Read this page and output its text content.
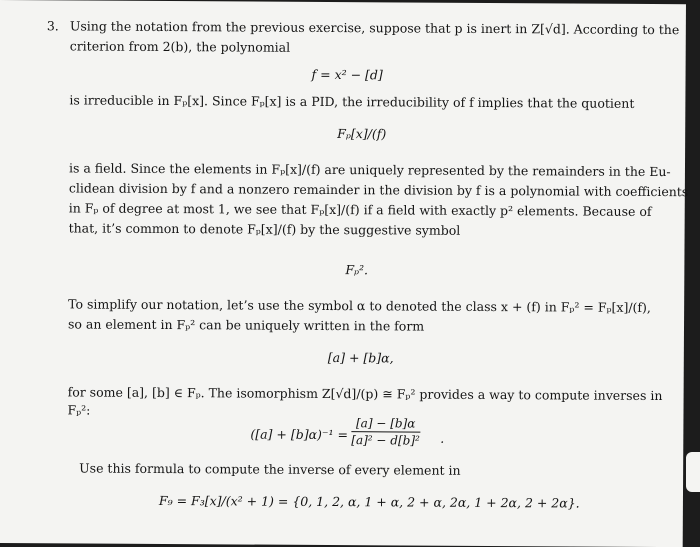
3. Using the notation from the previous exercise, suppose that p is inert in Z[√d]. According to the
criterion from 2(b), the polynomial
f = x² − [d]
is irreducible in Fₚ[x]. Since Fₚ[x] is a PID, the irreducibility of f implies that the quotient
Fₚ[x]/(f)
is a field. Since the elements in Fₚ[x]/(f) are uniquely represented by the remainders in the Eu-
clidean division by f and a nonzero remainder in the division by f is a polynomial with coefficients
in Fₚ of degree at most 1, we see that Fₚ[x]/(f) if a field with exactly p² elements. Because of
that, it’s common to denote Fₚ[x]/(f) by the suggestive symbol
Fₚ².
To simplify our notation, let’s use the symbol α to denoted the class x + (f) in Fₚ² = Fₚ[x]/(f),
so an element in Fₚ² can be uniquely written in the form
[a] + [b]α,
for some [a], [b] ∈ Fₚ. The isomorphism Z[√d]/(p) ≅ Fₚ² provides a way to compute inverses in
Fₚ²:
$([a] + [b]\alpha)^{-1} = \frac{[a] - [b]\alpha}{\text{[a]² − d[b]²}}$ .
Use this formula to compute the inverse of every element in
F₉ = F₃[x]/(x² + 1) = {0, 1, 2, α, 1 + α, 2 + α, 2α, 1 + 2α, 2 + 2α}.
